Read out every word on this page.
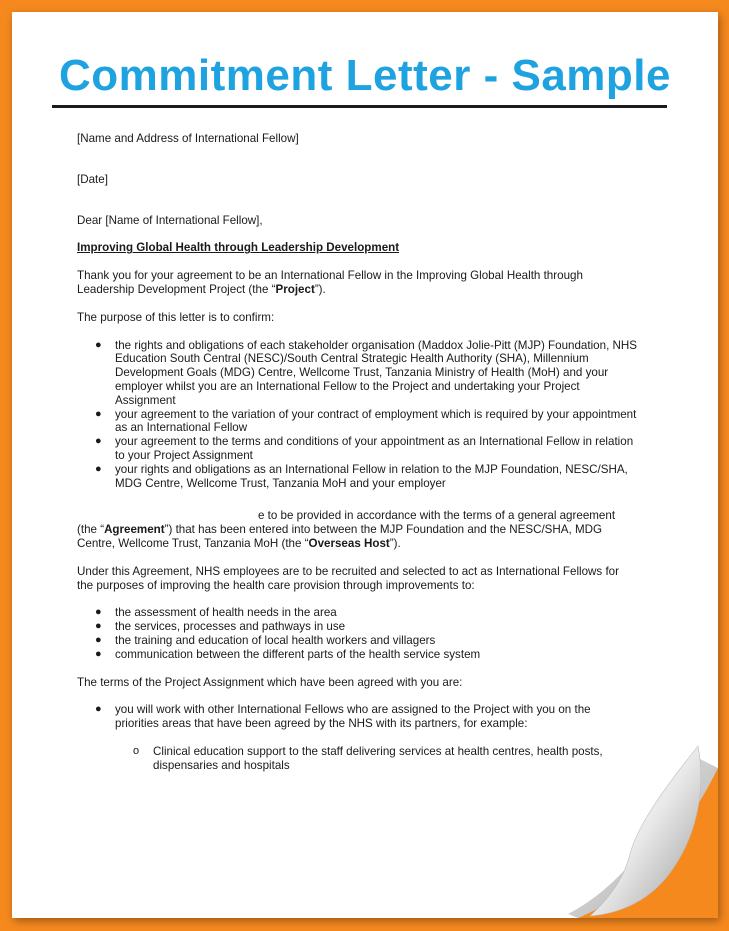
Commitment Letter - Sample

[Name and Address of International Fellow]

[Date]

Dear [Name of International Fellow],

Improving Global Health through Leadership Development

Thank you for your agreement to be an International Fellow in the Improving Global Health through Leadership Development Project (the “Project”).

The purpose of this letter is to confirm:

● the rights and obligations of each stakeholder organisation (Maddox Jolie-Pitt (MJP) Foundation, NHS Education South Central (NESC)/South Central Strategic Health Authority (SHA), Millennium Development Goals (MDG) Centre, Wellcome Trust, Tanzania Ministry of Health (MoH) and your employer whilst you are an International Fellow to the Project and undertaking your Project Assignment
● your agreement to the variation of your contract of employment which is required by your appointment as an International Fellow
● your agreement to the terms and conditions of your appointment as an International Fellow in relation to your Project Assignment
● your rights and obligations as an International Fellow in relation to the MJP Foundation, NESC/SHA, MDG Centre, Wellcome Trust, Tanzania MoH and your employer

e to be provided in accordance with the terms of a general agreement (the “Agreement”) that has been entered into between the MJP Foundation and the NESC/SHA, MDG Centre, Wellcome Trust, Tanzania MoH (the “Overseas Host”).

Under this Agreement, NHS employees are to be recruited and selected to act as International Fellows for the purposes of improving the health care provision through improvements to:

● the assessment of health needs in the area
● the services, processes and pathways in use
● the training and education of local health workers and villagers
● communication between the different parts of the health service system

The terms of the Project Assignment which have been agreed with you are:

● you will work with other International Fellows who are assigned to the Project with you on the priorities areas that have been agreed by the NHS with its partners, for example:
o Clinical education support to the staff delivering services at health centres, health posts, dispensaries and hospitals
